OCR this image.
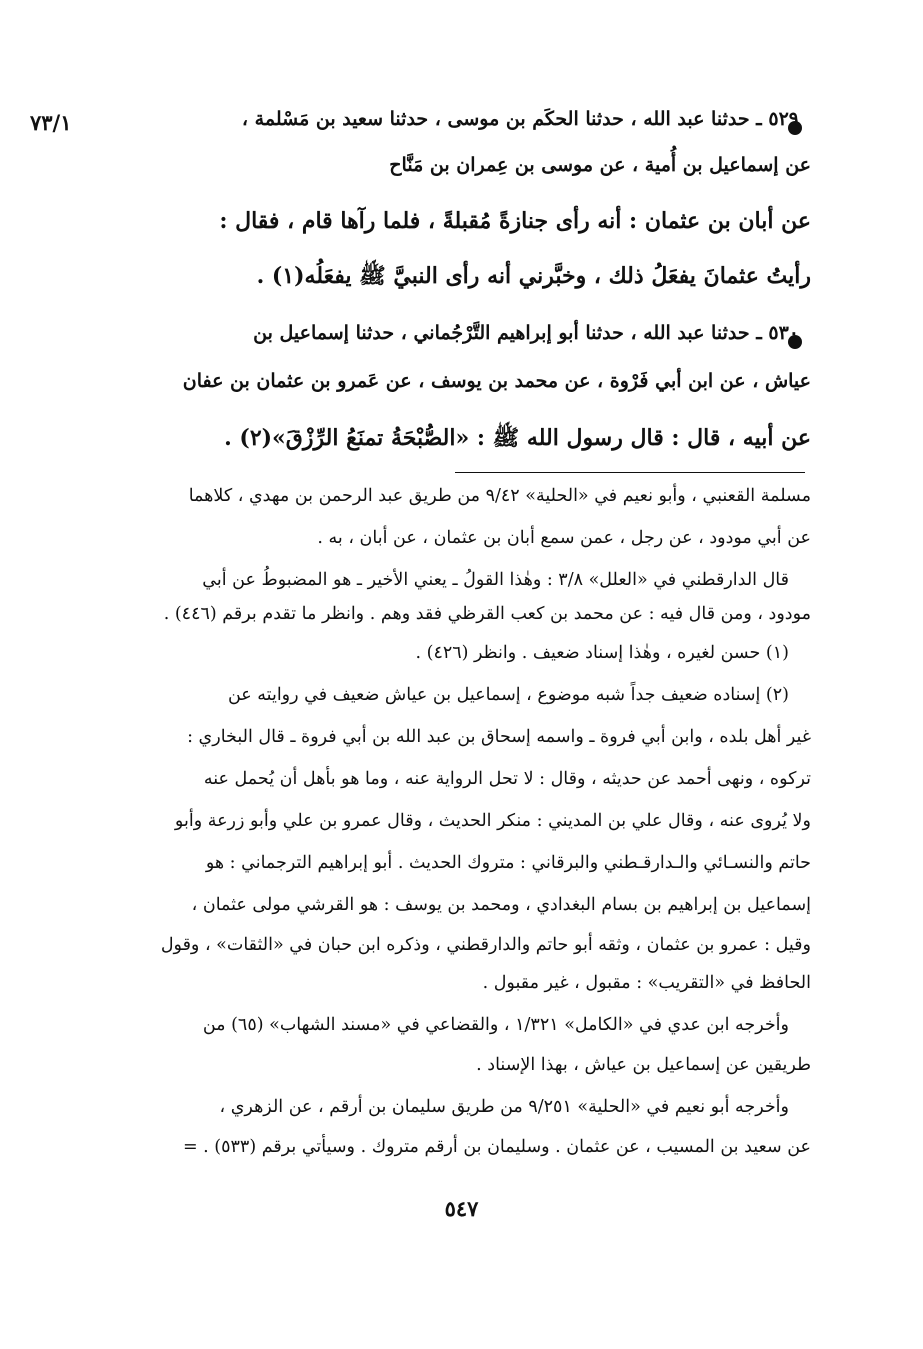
٧٣/١	٥٢٩ ـ حدثنا عبد الله ، حدثنا الحكَم بن موسى ، حدثنا سعيد بن مَسْلمة ،
عن إسماعيل بن أُمية ، عن موسى بن عِمران بن مَنَّاح
عن أبان بن عثمان : أنه رأى جنازةً مُقبلةً ، فلما رآها قام ، فقال :
رأيتُ عثمانَ يفعَلُ ذلك ، وخبَّرني أنه رأى النبيَّ ﷺ يفعَلُه(١) .
٥٣٠ ـ حدثنا عبد الله ، حدثنا أبو إبراهيم التَّرْجُماني ، حدثنا إسماعيل بن
عياش ، عن ابن أبي فَرْوة ، عن محمد بن يوسف ، عن عَمرو بن عثمان بن عفان
عن أبيه ، قال : قال رسول الله ﷺ : «الصُّبْحَةُ تمنَعُ الرِّزْقَ»(٢) .
مسلمة القعنبي ، وأبو نعيم في «الحلية» ٩/٤٢ من طريق عبد الرحمن بن مهدي ، كلاهما
عن أبي مودود ، عن رجل ، عمن سمع أبان بن عثمان ، عن أبان ، به .
قال الدارقطني في «العلل» ٣/٨ : وهٰذا القولُ ـ يعني الأخير ـ هو المضبوطُ عن أبي
مودود ، ومن قال فيه : عن محمد بن كعب القرظي فقد وهم . وانظر ما تقدم برقم (٤٤٦) .
(١) حسن لغيره ، وهٰذا إسناد ضعيف . وانظر (٤٢٦) .
(٢) إسناده ضعيف جداً شبه موضوع ، إسماعيل بن عياش ضعيف في روايته عن
غير أهل بلده ، وابن أبي فروة ـ واسمه إسحاق بن عبد الله بن أبي فروة ـ قال البخاري :
تركوه ، ونهى أحمد عن حديثه ، وقال : لا تحل الرواية عنه ، وما هو بأهل أن يُحمل عنه
ولا يُروى عنه ، وقال علي بن المديني : منكر الحديث ، وقال عمرو بن علي وأبو زرعة وأبو
حاتم والنسـائي والـدارقـطني والبرقاني : متروك الحديث . أبو إبراهيم الترجماني : هو
إسماعيل بن إبراهيم بن بسام البغدادي ، ومحمد بن يوسف : هو القرشي مولى عثمان ،
وقيل : عمرو بن عثمان ، وثقه أبو حاتم والدارقطني ، وذكره ابن حبان في «الثقات» ، وقول
الحافظ في «التقريب» : مقبول ، غير مقبول .
وأخرجه ابن عدي في «الكامل» ١/٣٢١ ، والقضاعي في «مسند الشهاب» (٦٥) من
طريقين عن إسماعيل بن عياش ، بهذا الإسناد .
وأخرجه أبو نعيم في «الحلية» ٩/٢٥١ من طريق سليمان بن أرقم ، عن الزهري ،
عن سعيد بن المسيب ، عن عثمان . وسليمان بن أرقم متروك . وسيأتي برقم (٥٣٣) . =
٥٤٧
